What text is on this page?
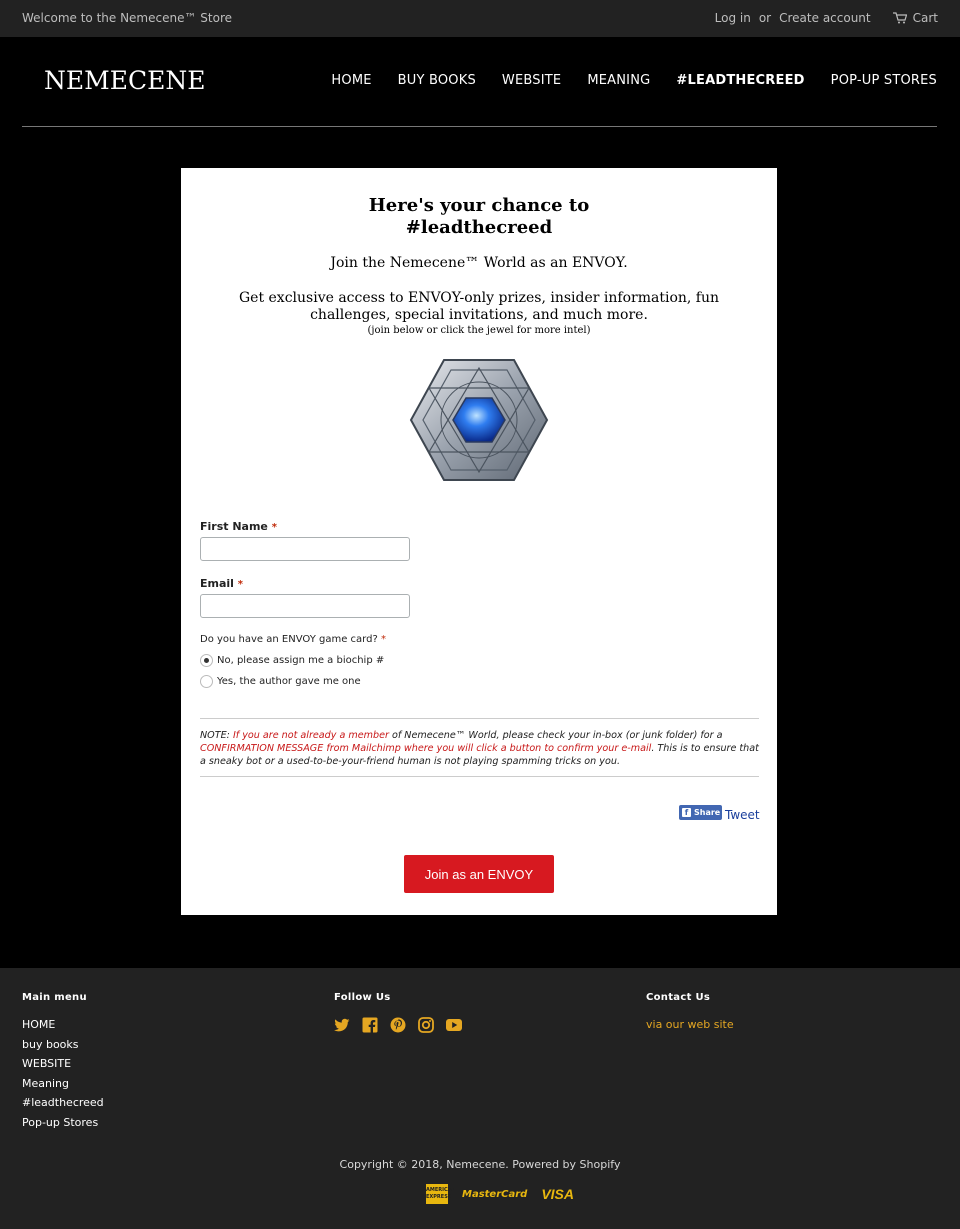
Welcome to the Nemecene™ Store	Log in or Create account	Cart
NEMECENE	HOME BUY BOOKS WEBSITE MEANING #LEADTHECREED POP-UP STORES
Here's your chance to
#leadthecreed
Join the Nemecene™ World as an ENVOY.
Get exclusive access to ENVOY-only prizes, insider information, fun challenges, special invitations, and much more.
(join below or click the jewel for more intel)
First Name *
Email *
Do you have an ENVOY game card? *
No, please assign me a biochip #
Yes, the author gave me one
NOTE: If you are not already a member of Nemecene™ World, please check your in-box (or junk folder) for a CONFIRMATION MESSAGE from Mailchimp where you will click a button to confirm your e-mail. This is to ensure that a sneaky bot or a used-to-be-your-friend human is not playing spamming tricks on you.
f Share Tweet
Join as an ENVOY
Main menu
HOME
buy books
WEBSITE
Meaning
#leadthecreed
Pop-up Stores
Follow Us	Contact Us
via our web site
Copyright © 2018, Nemecene. Powered by Shopify
AMERICAN
EXPRESS MasterCard VISA
